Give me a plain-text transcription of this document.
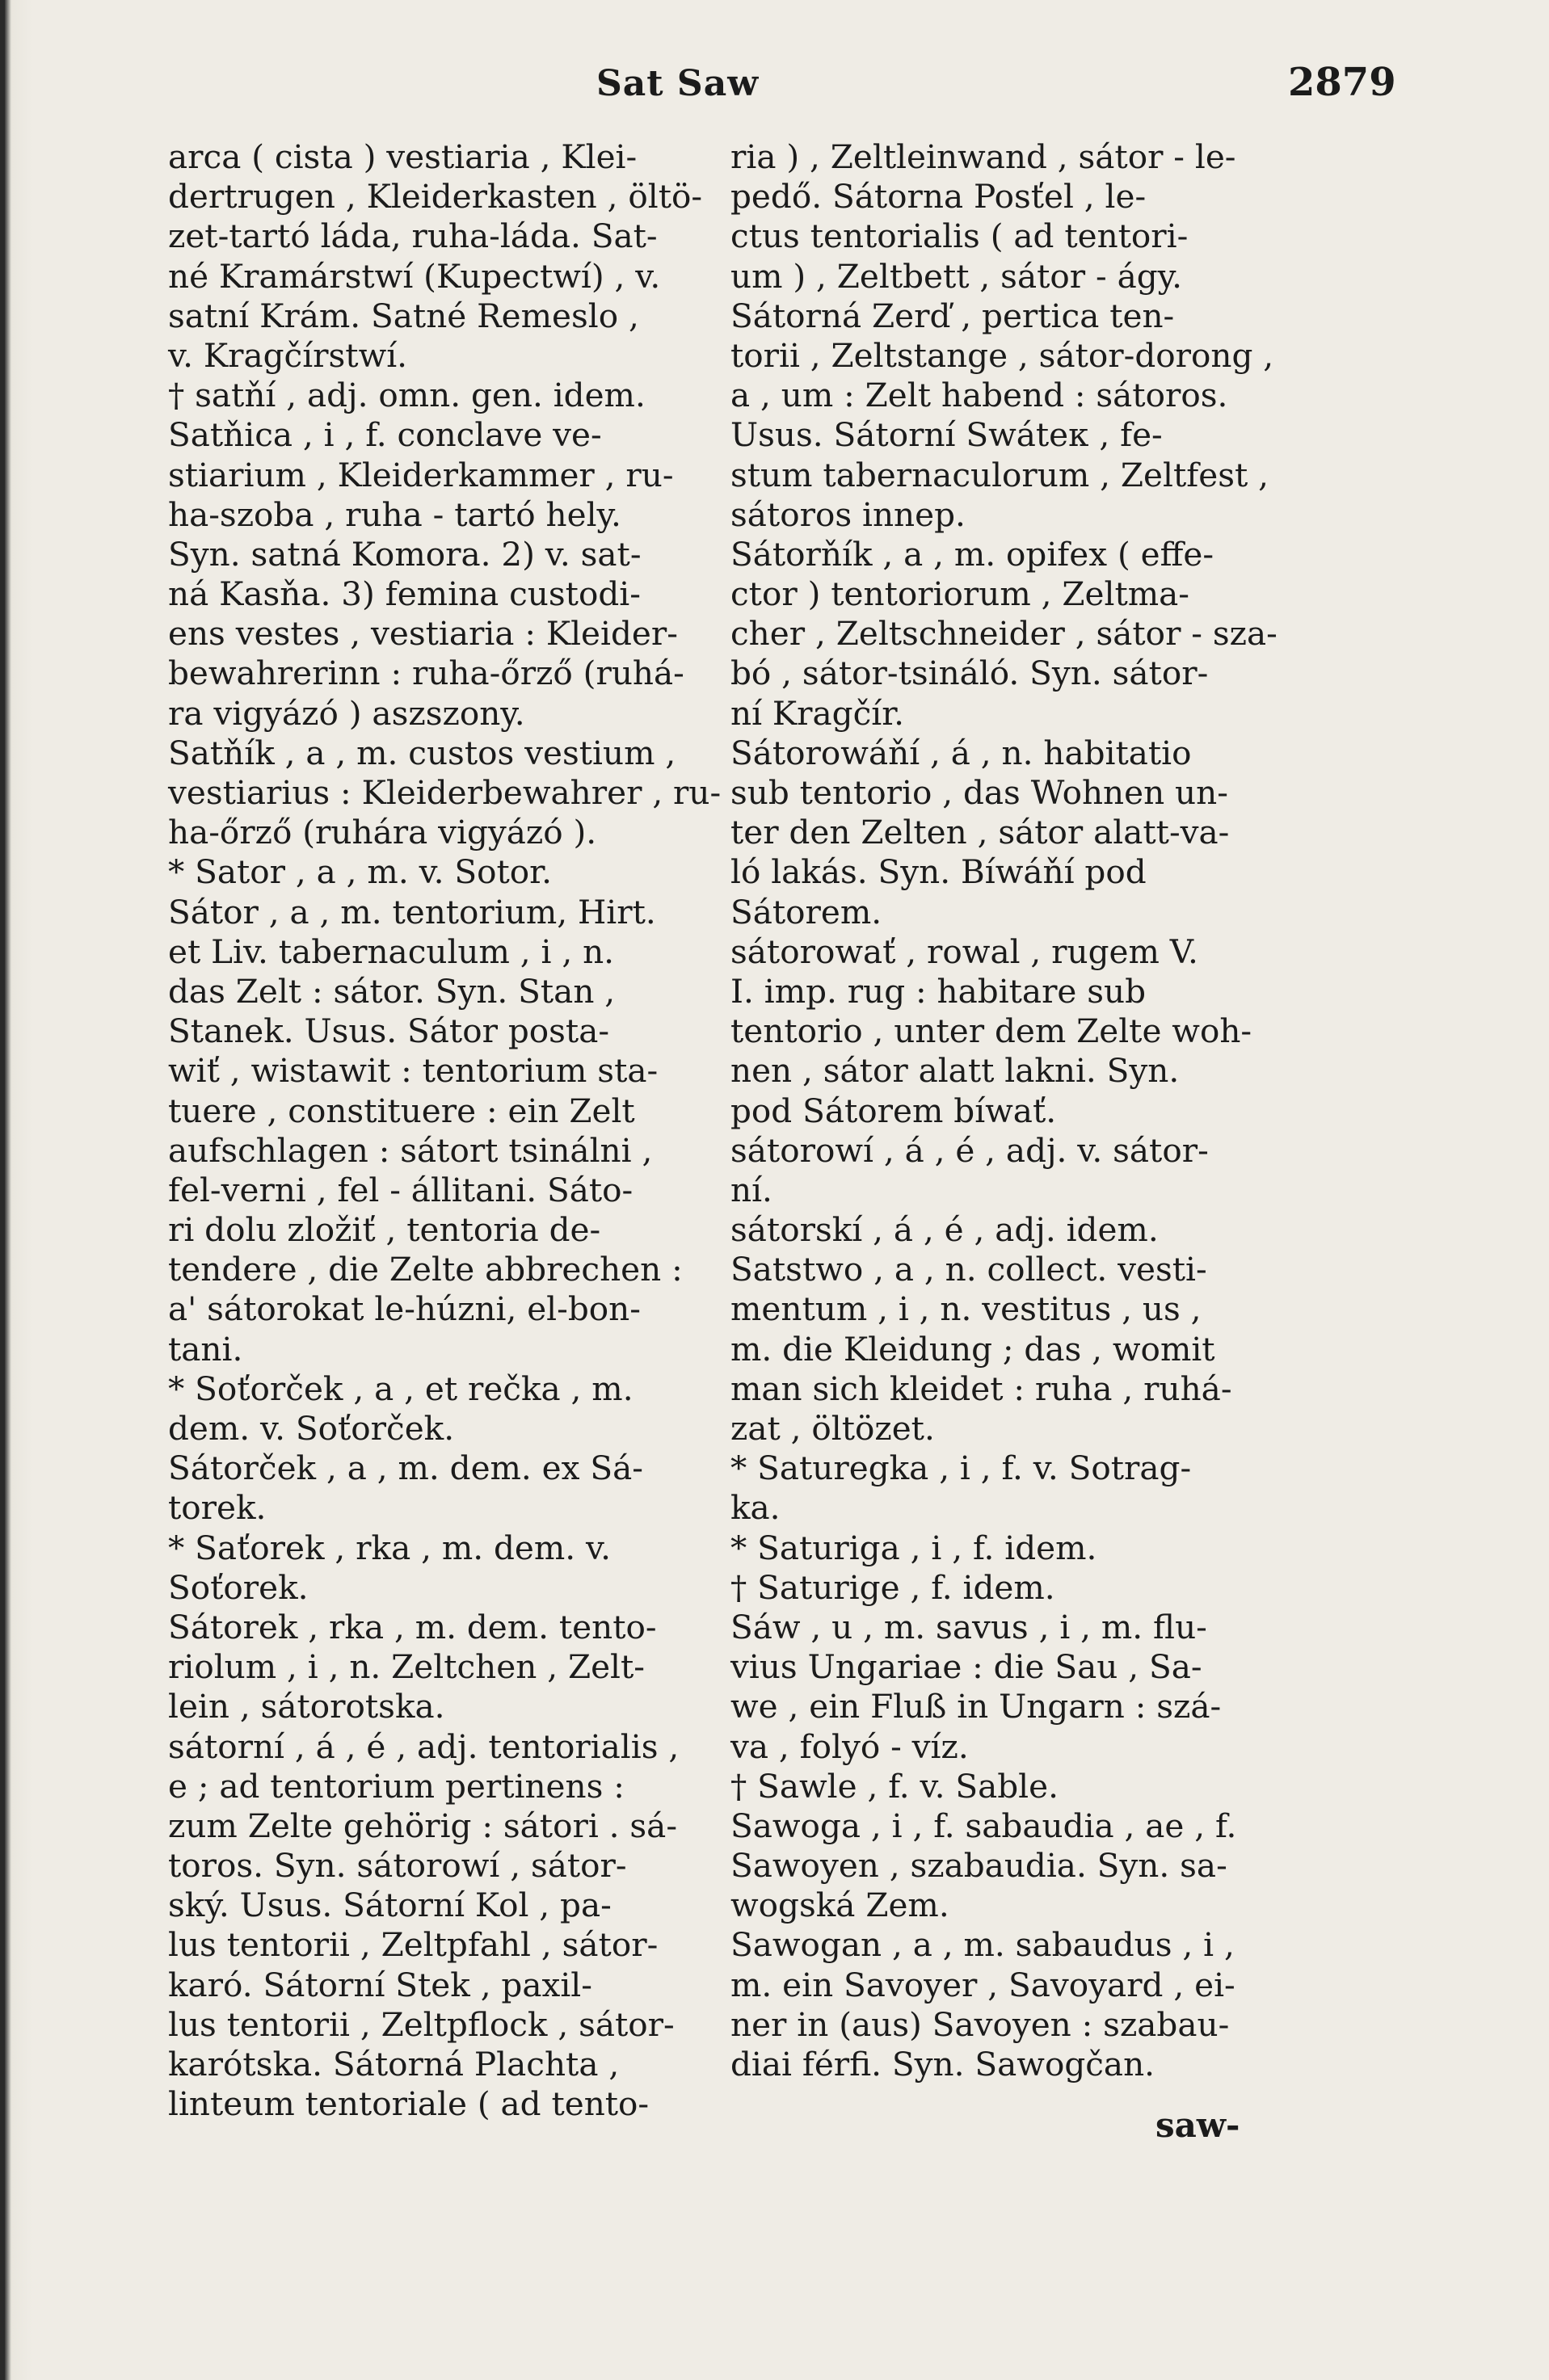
Sat Saw	2879
arca ( cista ) vestiaria , Klei-
dertrugen , Kleiderkasten , öltö-
zet-tartó láda, ruha-láda. Sat-
né Kramárstwí (Kupectwí) , v.
satní Krám. Satné Remeslo ,
v. Kragčírstwí.
† satňí , adj. omn. gen. idem.
Satňica , i , f. conclave ve-
stiarium , Kleiderkammer , ru-
ha-szoba , ruha - tartó hely.
Syn. satná Komora. 2) v. sat-
ná Kasňa. 3) femina custodi-
ens vestes , vestiaria : Kleider-
bewahrerinn : ruha-őrző (ruhá-
ra vigyázó ) aszszony.
Satňík , a , m. custos vestium ,
vestiarius : Kleiderbewahrer , ru-
ha-őrző (ruhára vigyázó ).
* Sator , a , m. v. Sotor.
Sátor , a , m. tentorium, Hirt.
et Liv. tabernaculum , i , n.
das Zelt : sátor. Syn. Stan ,
Stanek. Usus. Sátor posta-
wiť , wistawit : tentorium sta-
tuere , constituere : ein Zelt
aufschlagen : sátort tsinálni ,
fel-verni , fel - állitani. Sáto-
ri dolu zložiť , tentoria de-
tendere , die Zelte abbrechen :
a' sátorokat le-húzni, el-bon-
tani.
* Soťorček , a , et rečka , m.
dem. v. Soťorček.
Sátorček , a , m. dem. ex Sá-
torek.
* Saťorek , rka , m. dem. v.
Soťorek.
Sátorek , rka , m. dem. tento-
riolum , i , n. Zeltchen , Zelt-
lein , sátorotska.
sátorní , á , é , adj. tentorialis ,
e ; ad tentorium pertinens :
zum Zelte gehörig : sátori . sá-
toros. Syn. sátorowí , sátor-
ský. Usus. Sátorní Kol , pa-
lus tentorii , Zeltpfahl , sátor-
karó. Sátorní Stek , paxil-
lus tentorii , Zeltpflock , sátor-
karótska. Sátorná Plachta ,
linteum tentoriale ( ad tento-
ria ) , Zeltleinwand , sátor - le-
pedő. Sátorna Posťel , le-
ctus tentorialis ( ad tentori-
um ) , Zeltbett , sátor - ágy.
Sátorná Zerď , pertica ten-
torii , Zeltstange , sátor-dorong ,
a , um : Zelt habend : sátoros.
Usus. Sátorní Swáteк , fe-
stum tabernaculorum , Zeltfest ,
sátoros innep.
Sátorňík , a , m. opifex ( effe-
ctor ) tentoriorum , Zeltma-
cher , Zeltschneider , sátor - sza-
bó , sátor-tsináló. Syn. sátor-
ní Kragčír.
Sátorowáňí , á , n. habitatio
sub tentorio , das Wohnen un-
ter den Zelten , sátor alatt-va-
ló lakás. Syn. Bíwáňí pod
Sátorem.
sátorowať , rowal , rugem V.
I. imp. rug : habitare sub
tentorio , unter dem Zelte woh-
nen , sátor alatt lakni. Syn.
pod Sátorem bíwať.
sátorowí , á , é , adj. v. sátor-
ní.
sátorskí , á , é , adj. idem.
Satstwo , a , n. collect. vesti-
mentum , i , n. vestitus , us ,
m. die Kleidung ; das , womit
man sich kleidet : ruha , ruhá-
zat , öltözet.
* Saturegka , i , f. v. Sotrag-
ka.
* Saturiga , i , f. idem.
† Saturige , f. idem.
Sáw , u , m. savus , i , m. flu-
vius Ungariae : die Sau , Sa-
we , ein Fluß in Ungarn : szá-
va , folyó - víz.
† Sawle , f. v. Sable.
Sawoga , i , f. sabaudia , ae , f.
Sawoyen , szabaudia. Syn. sa-
wogská Zem.
Sawogan , a , m. sabaudus , i ,
m. ein Savoyer , Savoyard , ei-
ner in (aus) Savoyen : szabau-
diai férfi. Syn. Sawogčan.
saw-
